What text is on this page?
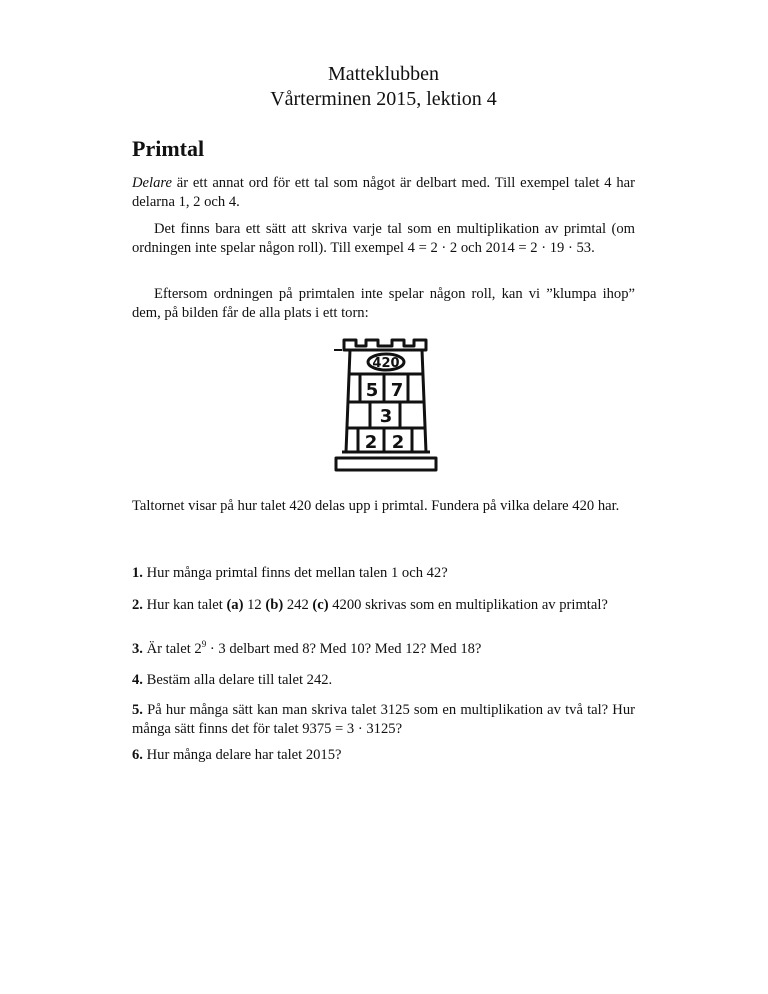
Matteklubben
Vårterminen 2015, lektion 4
Primtal

Delare är ett annat ord för ett tal som något är delbart med. Till exempel talet 4 har delarna 1, 2 och 4.

Det finns bara ett sätt att skriva varje tal som en multiplikation av primtal (om ordningen inte spelar någon roll). Till exempel 4 = 2 · 2 och 2014 = 2 · 19 · 53.

Eftersom ordningen på primtalen inte spelar någon roll, kan vi ”klumpa ihop” dem, på bilden får de alla plats i ett torn:

420
5 7
3
2 2

Taltornet visar på hur talet 420 delas upp i primtal. Fundera på vilka delare 420 har.

1. Hur många primtal finns det mellan talen 1 och 42?

2. Hur kan talet (a) 12 (b) 242 (c) 4200 skrivas som en multiplikation av primtal?

3. Är talet $2^9 \cdot 3$ delbart med 8? Med 10? Med 12? Med 18?

4. Bestäm alla delare till talet 242.

5. På hur många sätt kan man skriva talet 3125 som en multiplikation av två tal? Hur många sätt finns det för talet 9375 = 3 · 3125?

6. Hur många delare har talet 2015?
